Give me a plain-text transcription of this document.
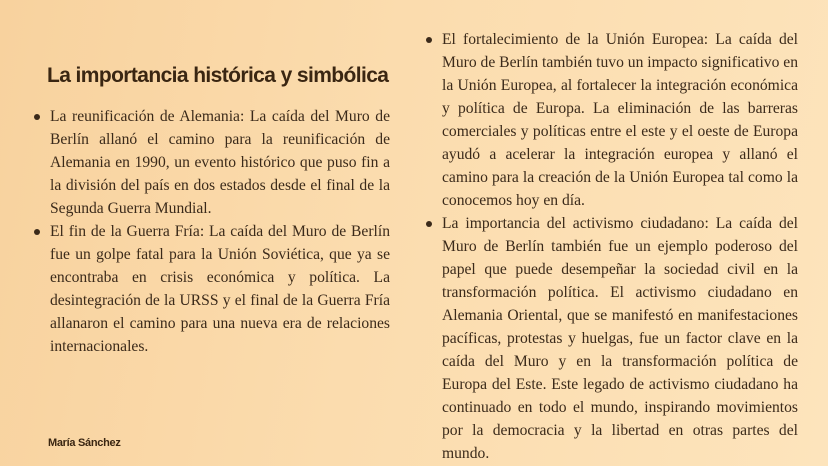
La importancia histórica y simbólica
La reunificación de Alemania: La caída del Muro de Berlín allanó el camino para la reunificación de Alemania en 1990, un evento histórico que puso fin a la división del país en dos estados desde el final de la Segunda Guerra Mundial.
El fin de la Guerra Fría: La caída del Muro de Berlín fue un golpe fatal para la Unión Soviética, que ya se encontraba en crisis económica y política. La desintegración de la URSS y el final de la Guerra Fría allanaron el camino para una nueva era de relaciones internacionales.
El fortalecimiento de la Unión Europea: La caída del Muro de Berlín también tuvo un impacto significativo en la Unión Europea, al fortalecer la integración económica y política de Europa. La eliminación de las barreras comerciales y políticas entre el este y el oeste de Europa ayudó a acelerar la integración europea y allanó el camino para la creación de la Unión Europea tal como la conocemos hoy en día.
La importancia del activismo ciudadano: La caída del Muro de Berlín también fue un ejemplo poderoso del papel que puede desempeñar la sociedad civil en la transformación política. El activismo ciudadano en Alemania Oriental, que se manifestó en manifestaciones pacíficas, protestas y huelgas, fue un factor clave en la caída del Muro y en la transformación política de Europa del Este. Este legado de activismo ciudadano ha continuado en todo el mundo, inspirando movimientos por la democracia y la libertad en otras partes del mundo.
María Sánchez
